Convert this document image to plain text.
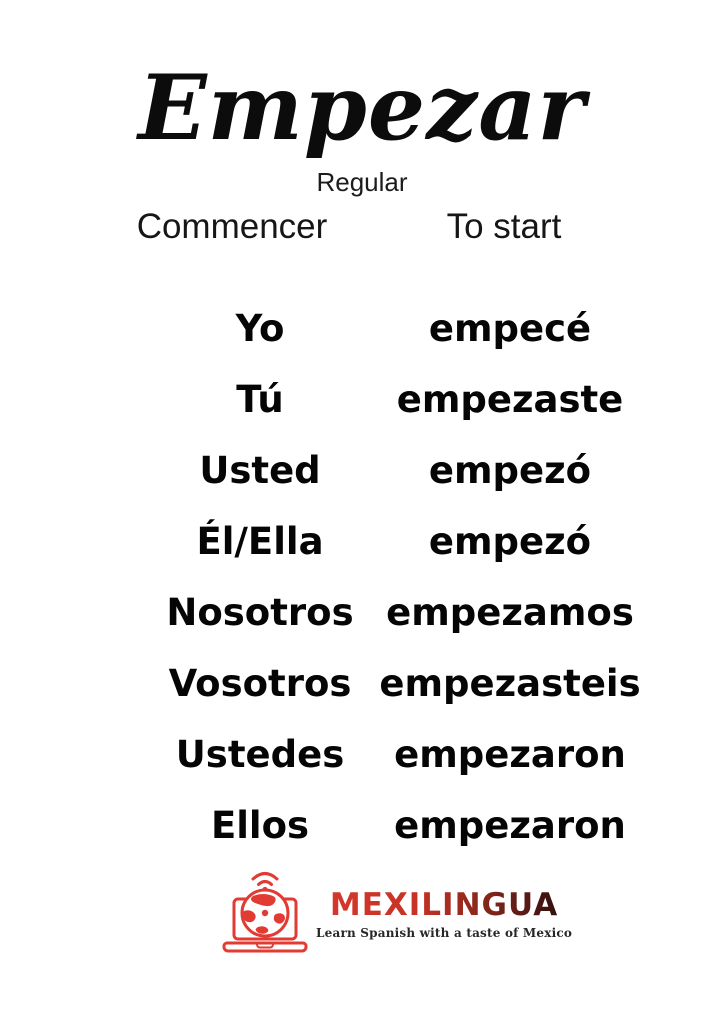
Empezar
Regular
Commencer	To start
Yo	empecé
Tú	empezaste
Usted	empezó
Él/Ella	empezó
Nosotros empezamos
Vosotros empezasteis
Ustedes	empezaron
Ellos	empezaron
MEXILINGUA
Learn Spanish with a taste of Mexico
